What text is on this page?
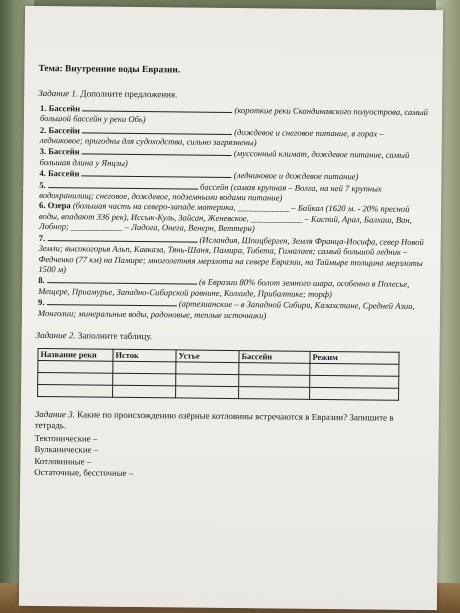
Тема: Внутренние воды Евразии.
Задание 1. Дополните предложения.
1. Бассейн	(короткие реки Скандинавского полуострова, самый большой бассейн у реки Обь)
2. Бассейн	(дождевое и снеговое питание, в горах – ледниковое; пригодны для судоходства, сильно загрязнены)
3. Бассейн	(муссонный климат, дождевое питание, самый большая длина у Янцзы)
4. Бассейн	(ледниковое и дождевое питание)
5.	бассейн (самая крупная – Волга, на ней 7 крупных водохранилищ; снеговое, дождевое, подземными водами питание)
6. Озера (большая часть на северо-западе материка, ____________ – Байкал (1620 м. - 20% пресной воды, впадают 336 рек), Иссык-Куль, Зайсан, Женевское, ____________ – Каспий, Арал, Балхаш, Ван, Лобнор; ____________ – Ладога, Онега, Венерн, Веттерн)
7.	(Исландия, Шпицберген, Земля Франца-Иосифа, север Новой Земли; высокогорья Альп, Кавказа, Тянь-Шаня, Памира, Тибета, Гималаев; самый большой ледник – Федченко (77 км) на Памире; многолетняя мерзлота на севере Евразии, на Таймыре толщина мерзлоты 1500 м)
8.	(в Евразии 80% болот земного шара, особенно в Полесье, Мещере, Приамурье, Западно-Сибирской равнине, Колхиде, Прибалтике; торф)
9.	(артезианские – в Западной Сибири, Казахстане, Средней Азии, Монголии; минеральные воды, радоновые, теплые источники)
Задание 2. Заполните таблицу.
Название реки	Исток	Устье	Бассейн	Режим

Задание 3. Какие по происхождению озёрные котловины встречаются в Евразии? Запишите в тетрадь.
Тектонические –
Вулканические –
Котловинные –
Остаточные, бессточные –
